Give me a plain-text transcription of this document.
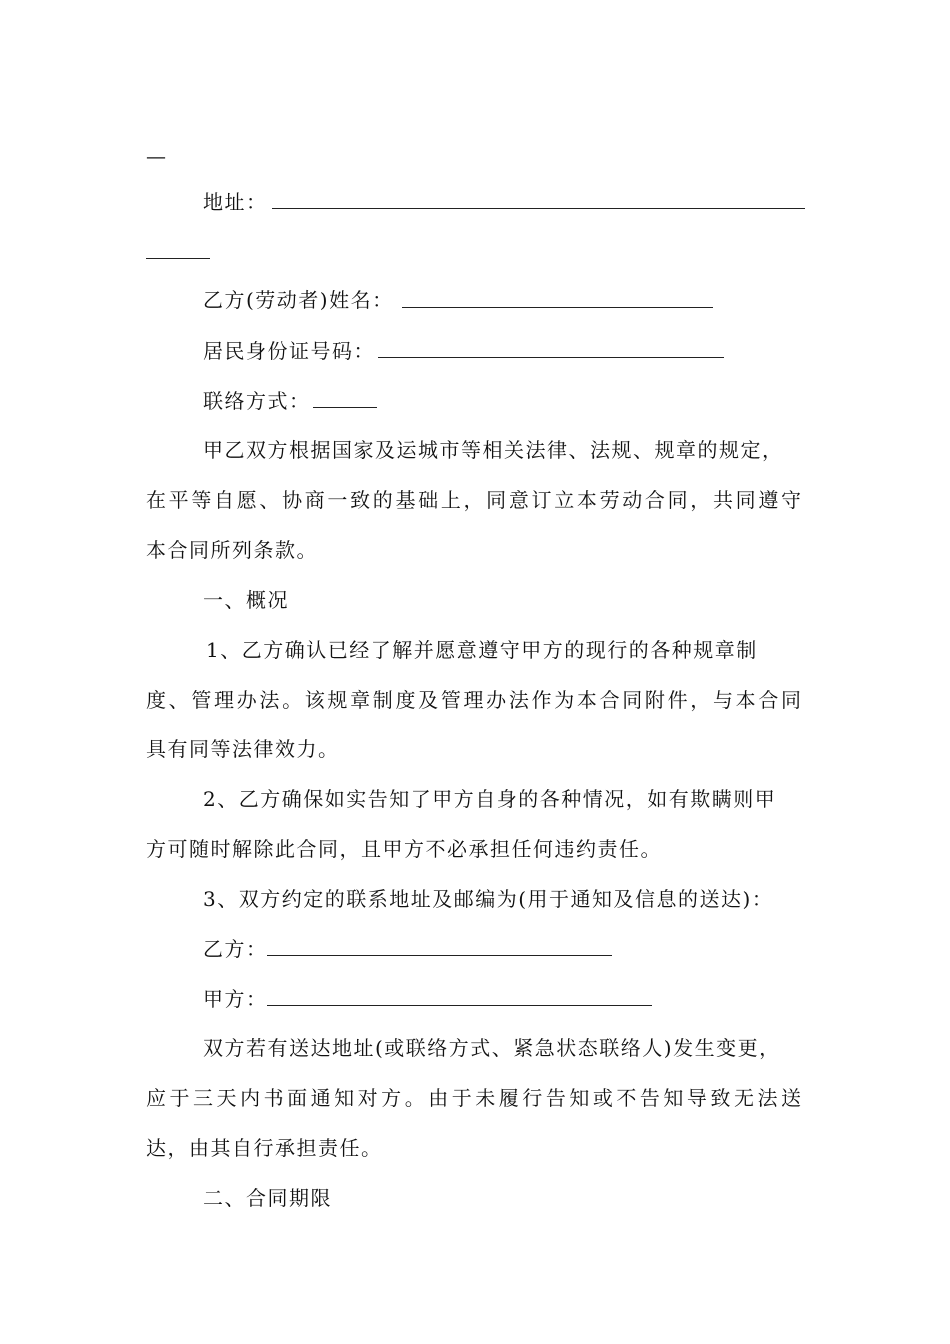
—
地址：
乙方(劳动者)姓名：
居民身份证号码：
联络方式：
甲乙双方根据国家及运城市等相关法律、法规、规章的规定，
在平等自愿、协商一致的基础上，同意订立本劳动合同，共同遵守
本合同所列条款。
一、概况
1、乙方确认已经了解并愿意遵守甲方的现行的各种规章制
度、管理办法。该规章制度及管理办法作为本合同附件，与本合同
具有同等法律效力。
2、乙方确保如实告知了甲方自身的各种情况，如有欺瞒则甲
方可随时解除此合同，且甲方不必承担任何违约责任。
3、双方约定的联系地址及邮编为(用于通知及信息的送达)：
乙方：
甲方：
双方若有送达地址(或联络方式、紧急状态联络人)发生变更，
应于三天内书面通知对方。由于未履行告知或不告知导致无法送
达，由其自行承担责任。
二、合同期限
